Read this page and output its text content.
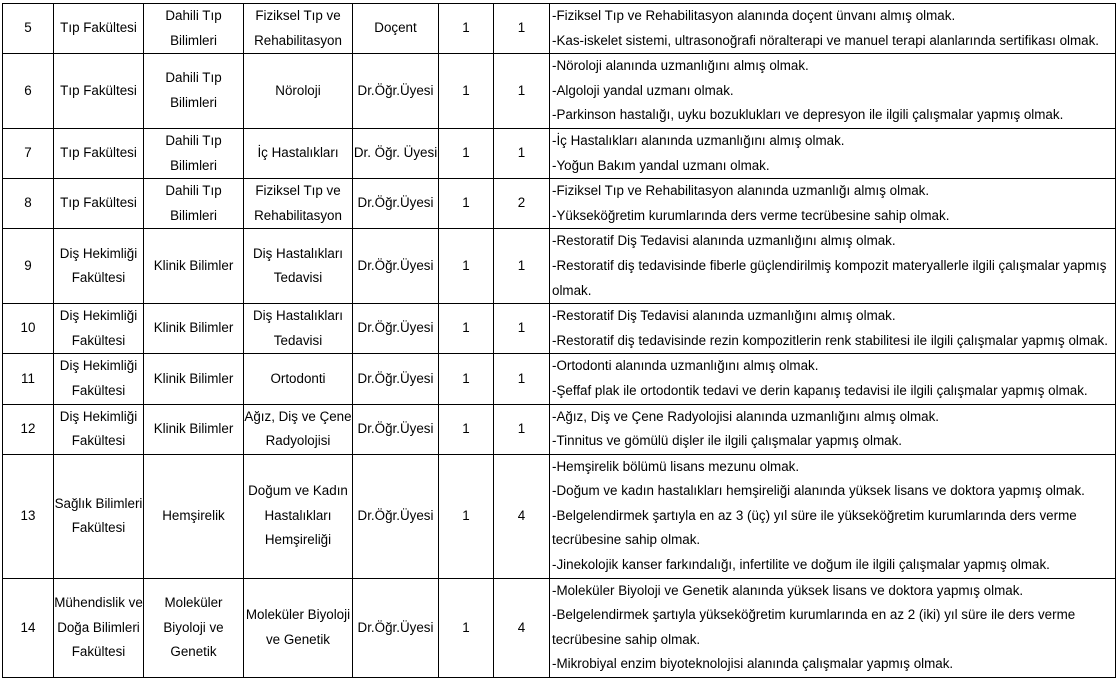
5	Tıp Fakültesi	Dahili Tıp Bilimleri	Fiziksel Tıp ve Rehabilitasyon	Doçent	1	1	-Fiziksel Tıp ve Rehabilitasyon alanında doçent ünvanı almış olmak.
-Kas-iskelet sistemi, ultrasonoğrafi nöralterapi ve manuel terapi alanlarında sertifikası olmak.

6	Tıp Fakültesi	Dahili Tıp Bilimleri	Nöroloji	Dr.Öğr.Üyesi	1	1	-Nöroloji alanında uzmanlığını almış olmak.
-Algoloji yandal uzmanı olmak.
-Parkinson hastalığı, uyku bozuklukları ve depresyon ile ilgili çalışmalar yapmış olmak.

7	Tıp Fakültesi	Dahili Tıp Bilimleri	İç Hastalıkları	Dr. Öğr. Üyesi	1	1	-İç Hastalıkları alanında uzmanlığını almış olmak.
-Yoğun Bakım yandal uzmanı olmak.

8	Tıp Fakültesi	Dahili Tıp Bilimleri	Fiziksel Tıp ve Rehabilitasyon	Dr.Öğr.Üyesi	1	2	-Fiziksel Tıp ve Rehabilitasyon alanında uzmanlığı almış olmak.
-Yükseköğretim kurumlarında ders verme tecrübesine sahip olmak.

9	Diş Hekimliği Fakültesi	Klinik Bilimler	Diş Hastalıkları Tedavisi	Dr.Öğr.Üyesi	1	1	-Restoratif Diş Tedavisi alanında uzmanlığını almış olmak.
-Restoratif diş tedavisinde fiberle güçlendirilmiş kompozit materyallerle ilgili çalışmalar yapmış olmak.

10	Diş Hekimliği Fakültesi	Klinik Bilimler	Diş Hastalıkları Tedavisi	Dr.Öğr.Üyesi	1	1	-Restoratif Diş Tedavisi alanında uzmanlığını almış olmak.
-Restoratif diş tedavisinde rezin kompozitlerin renk stabilitesi ile ilgili çalışmalar yapmış olmak.

11	Diş Hekimliği Fakültesi	Klinik Bilimler	Ortodonti	Dr.Öğr.Üyesi	1	1	-Ortodonti alanında uzmanlığını almış olmak.
-Şeffaf plak ile ortodontik tedavi ve derin kapanış tedavisi ile ilgili çalışmalar yapmış olmak.

12	Diş Hekimliği Fakültesi	Klinik Bilimler	Ağız, Diş ve Çene Radyolojisi	Dr.Öğr.Üyesi	1	1	-Ağız, Diş ve Çene Radyolojisi alanında uzmanlığını almış olmak.
-Tinnitus ve gömülü dişler ile ilgili çalışmalar yapmış olmak.

13	Sağlık Bilimleri Fakültesi	Hemşirelik	Doğum ve Kadın Hastalıkları Hemşireliği	Dr.Öğr.Üyesi	1	4	-Hemşirelik bölümü lisans mezunu olmak.
-Doğum ve kadın hastalıkları hemşireliği alanında yüksek lisans ve doktora yapmış olmak.
-Belgelendirmek şartıyla en az 3 (üç) yıl süre ile yükseköğretim kurumlarında ders verme tecrübesine sahip olmak.
-Jinekolojik kanser farkındalığı, infertilite ve doğum ile ilgili çalışmalar yapmış olmak.

14	Mühendislik ve Doğa Bilimleri Fakültesi	Moleküler Biyoloji ve Genetik	Moleküler Biyoloji ve Genetik	Dr.Öğr.Üyesi	1	4	-Moleküler Biyoloji ve Genetik alanında yüksek lisans ve doktora yapmış olmak.
-Belgelendirmek şartıyla yükseköğretim kurumlarında en az 2 (iki) yıl süre ile ders verme tecrübesine sahip olmak.
-Mikrobiyal enzim biyoteknolojisi alanında çalışmalar yapmış olmak.
